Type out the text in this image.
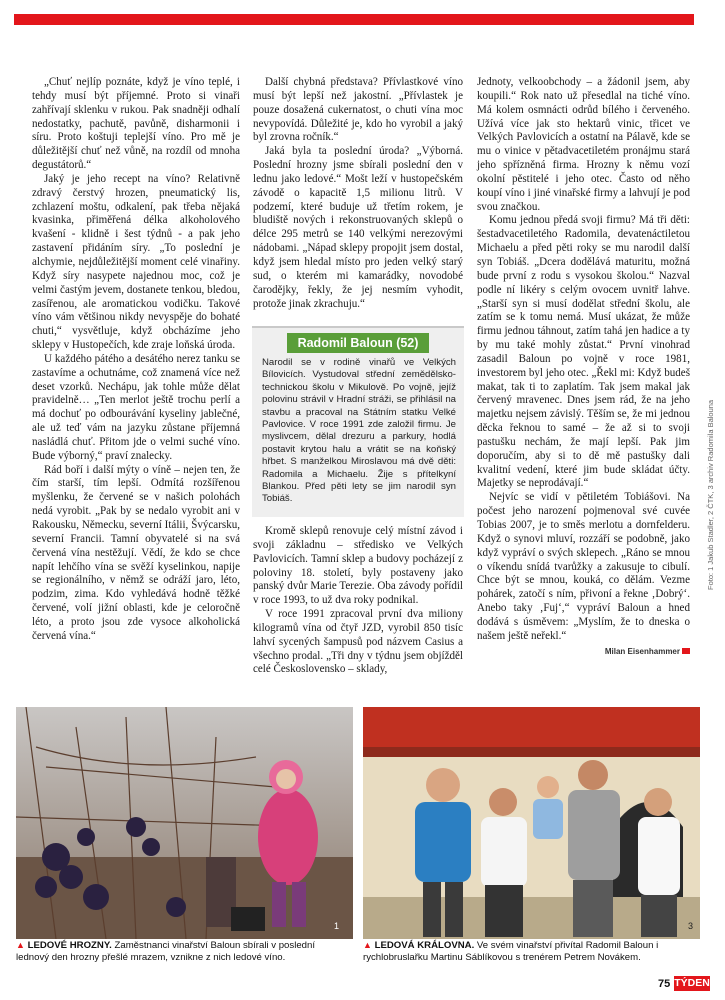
Foto: 1 Jakub Stadler, 2 ČTK, 3 archiv Radomila Balouna

„Chuť nejlíp poznáte, když je víno teplé, i tehdy musí být příjemné. Proto si vinaři zahřívají sklenku v rukou. Pak snadněji odhalí nedostatky, pachutě, pavůně, disharmonii i síru. Proto koštuji teplejší víno. Pro mě je důležitější chuť než vůně, na rozdíl od mnoha degustátorů.“

Jaký je jeho recept na víno? Relativně zdravý čerstvý hrozen, pneumatický lis, zchlazení moštu, odkalení, pak třeba nějaká kvasinka, přiměřená délka alkoholového kvašení - klidně i šest týdnů - a pak jeho zastavení přidáním síry. „To poslední je alchymie, nejdůležitější moment celé vinařiny. Když síry nasypete najednou moc, což je velmi častým jevem, dostanete tenkou, bledou, zasířenou, ale aromatickou vodičku. Takové víno vám většinou nikdy nevyspěje do bohaté chuti,“ vysvětluje, když obcházíme jeho sklepy v Hustopečích, kde zraje loňská úroda.

U každého pátého a desátého nerez tanku se zastavíme a ochutnáme, což znamená více než deset vzorků. Nechápu, jak tohle může dělat pravidelně… „Ten merlot ještě trochu perlí a má dochuť po odbourávání kyseliny jablečné, ale už teď vám na jazyku zůstane příjemná nasládlá chuť. Přitom jde o velmi suché víno. Bude výborný,“ praví znalecky.

Rád boří i další mýty o víně – nejen ten, že čím starší, tím lepší. Odmítá rozšířenou myšlenku, že červené se v našich polohách nedá vyrobit. „Pak by se nedalo vyrobit ani v Rakousku, Německu, severní Itálii, Švýcarsku, severní Francii. Tamní obyvatelé si na svá červená vína nestěžují. Vědí, že kdo se chce napít lehčího vína se svěží kyselinkou, napije se regionálního, v němž se odráží jaro, léto, podzim, zima. Kdo vyhledává hodně těžké červené, volí jižní oblasti, kde je celoročně léto, a proto jsou zde vysoce alkoholická červená vína.“

Další chybná představa? Přívlastkové víno musí být lepší než jakostní. „Přívlastek je pouze dosažená cukernatost, o chuti vína moc nevypovídá. Důležité je, kdo ho vyrobil a jaký byl zrovna ročník.“

Jaká byla ta poslední úroda? „Výborná. Poslední hrozny jsme sbírali poslední den v lednu jako ledové.“ Mošt leží v hustopečském závodě o kapacitě 1,5 milionu litrů. V podzemí, které buduje už třetím rokem, je bludiště nových i rekonstruovaných sklepů o délce 295 metrů se 140 velkými nerezovými nádobami. „Nápad sklepy propojit jsem dostal, když jsem hledal místo pro jeden velký starý sud, o kterém mi kamarádky, novodobé čarodějky, řekly, že jej nesmím vyhodit, protože jinak zkrachuju.“

Radomil Baloun (52)
Narodil se v rodině vinařů ve Velkých Bílovicích. Vystudoval střední zemědělsko-technickou školu v Mikulově. Po vojně, jejíž polovinu strávil v Hradní stráži, se přihlásil na stavbu a pracoval na Státním statku Velké Pavlovice. V roce 1991 zde založil firmu. Je myslivcem, dělal drezuru a parkury, hodlá postavit krytou halu a vrátit se na koňský hřbet. S manželkou Miroslavou má dvě děti: Radomila a Michaelu. Žije s přítelkyní Blankou. Před pěti lety se jim narodil syn Tobiáš.

Kromě sklepů renovuje celý místní závod i svoji základnu – středisko ve Velkých Pavlovicích. Tamní sklep a budovy pocházejí z poloviny 18. století, byly postaveny jako panský dvůr Marie Terezie. Oba závody pořídil v roce 1993, to už dva roky podnikal.

V roce 1991 zpracoval první dva miliony kilogramů vína od čtyř JZD, vyrobil 850 tisíc lahví sycených šampusů pod názvem Casius a všechno prodal. „Tři dny v týdnu jsem objížděl celé Československo – sklady,

Jednoty, velkoobchody – a žádonil jsem, aby koupili.“ Rok nato už přesedlal na tiché víno. Má kolem osmnácti odrůd bílého i červeného. Užívá více jak sto hektarů vinic, třicet ve Velkých Pavlovicích a ostatní na Pálavě, kde se mu o vinice v pětadvacetiletém pronájmu stará jeho spřízněná firma. Hrozny k němu vozí okolní pěstitelé i jeho otec. Často od něho koupí víno i jiné vinařské firmy a lahvují je pod svou značkou.

Komu jednou předá svoji firmu? Má tři děti: šestadvacetiletého Radomila, devatenáctiletou Michaelu a před pěti roky se mu narodil další syn Tobiáš. „Dcera dodělává maturitu, možná bude první z rodu s vysokou školou.“ Nazval podle ní likéry s celým ovocem uvnitř lahve. „Starší syn si musí dodělat střední školu, ale zatím se k tomu nemá. Musí ukázat, že může firmu jednou táhnout, zatím tahá jen hadice a ty by mu také mohly zůstat.“ První vinohrad zasadil Baloun po vojně v roce 1981, investorem byl jeho otec. „Řekl mi: Když budeš makat, tak ti to zaplatím. Tak jsem makal jak červený mravenec. Dnes jsem rád, že na jeho majetku nejsem závislý. Těším se, že mi jednou děcka řeknou to samé – že až si to svoji pastušku nechám, že mají lepší. Pak jim doporučím, aby si to dě mě pastušky dali kvalitní vedení, které jim bude skládat účty. Majetky se neprodávají.“

Nejvíc se vidí v pětiletém Tobiášovi. Na počest jeho narození pojmenoval své cuvée Tobias 2007, je to směs merlotu a dornfelderu. Když o synovi mluví, rozzáří se podobně, jako když vypráví o svých sklepech. „Ráno se mnou o víkendu snídá tvarůžky a zakusuje to cibulí. Chce být se mnou, kouká, co dělám. Vezme pohárek, zatočí s ním, přivoní a řekne ‚Dobrý‘. Anebo taky ‚Fuj‘,“ vypráví Baloun a hned dodává s úsměvem: „Myslím, že to dneska o našem ještě neřekl.“

Milan Eisenhammer
1	3
▲ LEDOVÉ HROZNY. Zaměstnanci vinařství Baloun sbírali v poslední lednový den hrozny přešlé mrazem, vznikne z nich ledové víno.
▲ LEDOVÁ KRÁLOVNA. Ve svém vinařství přivítal Radomil Baloun i rychlobruslařku Martinu Sáblíkovou s trenérem Petrem Novákem.
75 TÝDEN
